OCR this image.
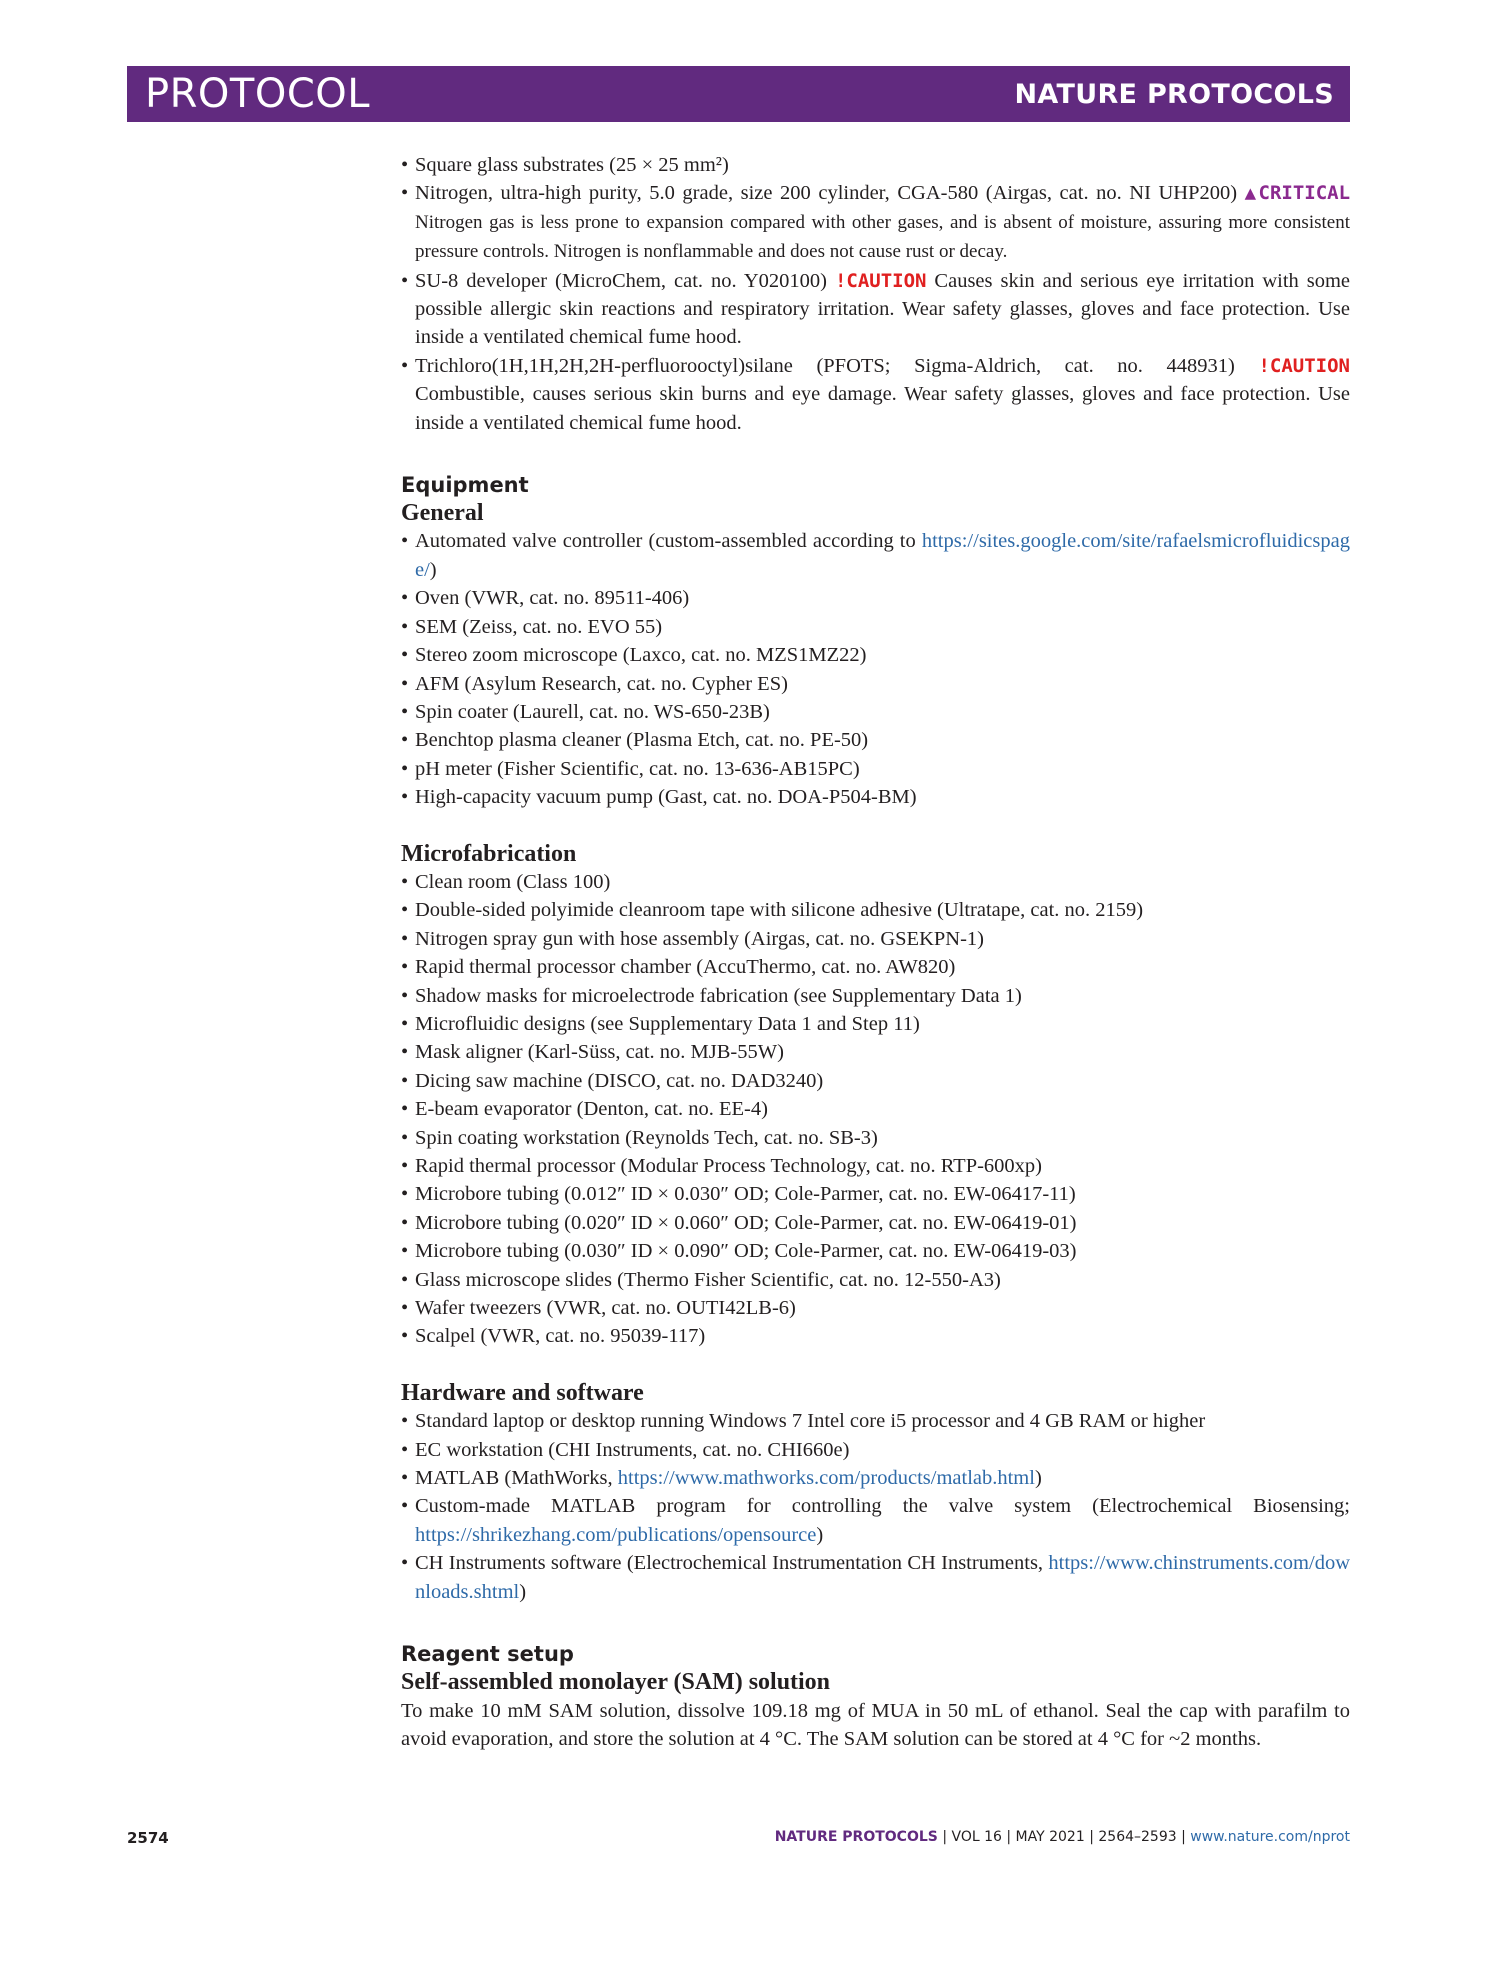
PROTOCOL	NATURE PROTOCOLS
• Square glass substrates (25 × 25 mm²)
• Nitrogen, ultra-high purity, 5.0 grade, size 200 cylinder, CGA-580 (Airgas, cat. no. NI UHP200) ▲CRITICAL Nitrogen gas is less prone to expansion compared with other gases, and is absent of moisture, assuring more consistent pressure controls. Nitrogen is nonflammable and does not cause rust or decay.
• SU-8 developer (MicroChem, cat. no. Y020100) !CAUTION Causes skin and serious eye irritation with some possible allergic skin reactions and respiratory irritation. Wear safety glasses, gloves and face protection. Use inside a ventilated chemical fume hood.
• Trichloro(1H,1H,2H,2H-perfluorooctyl)silane (PFOTS; Sigma-Aldrich, cat. no. 448931) !CAUTION Combustible, causes serious skin burns and eye damage. Wear safety glasses, gloves and face protection. Use inside a ventilated chemical fume hood.
Equipment
General
• Automated valve controller (custom-assembled according to https://sites.google.com/site/rafaelsmicrofluidicspage/)
• Oven (VWR, cat. no. 89511-406)
• SEM (Zeiss, cat. no. EVO 55)
• Stereo zoom microscope (Laxco, cat. no. MZS1MZ22)
• AFM (Asylum Research, cat. no. Cypher ES)
• Spin coater (Laurell, cat. no. WS-650-23B)
• Benchtop plasma cleaner (Plasma Etch, cat. no. PE-50)
• pH meter (Fisher Scientific, cat. no. 13-636-AB15PC)
• High-capacity vacuum pump (Gast, cat. no. DOA-P504-BM)
Microfabrication
• Clean room (Class 100)
• Double-sided polyimide cleanroom tape with silicone adhesive (Ultratape, cat. no. 2159)
• Nitrogen spray gun with hose assembly (Airgas, cat. no. GSEKPN-1)
• Rapid thermal processor chamber (AccuThermo, cat. no. AW820)
• Shadow masks for microelectrode fabrication (see Supplementary Data 1)
• Microfluidic designs (see Supplementary Data 1 and Step 11)
• Mask aligner (Karl-Süss, cat. no. MJB-55W)
• Dicing saw machine (DISCO, cat. no. DAD3240)
• E-beam evaporator (Denton, cat. no. EE-4)
• Spin coating workstation (Reynolds Tech, cat. no. SB-3)
• Rapid thermal processor (Modular Process Technology, cat. no. RTP-600xp)
• Microbore tubing (0.012″ ID × 0.030″ OD; Cole-Parmer, cat. no. EW-06417-11)
• Microbore tubing (0.020″ ID × 0.060″ OD; Cole-Parmer, cat. no. EW-06419-01)
• Microbore tubing (0.030″ ID × 0.090″ OD; Cole-Parmer, cat. no. EW-06419-03)
• Glass microscope slides (Thermo Fisher Scientific, cat. no. 12-550-A3)
• Wafer tweezers (VWR, cat. no. OUTI42LB-6)
• Scalpel (VWR, cat. no. 95039-117)
Hardware and software
• Standard laptop or desktop running Windows 7 Intel core i5 processor and 4 GB RAM or higher
• EC workstation (CHI Instruments, cat. no. CHI660e)
• MATLAB (MathWorks, https://www.mathworks.com/products/matlab.html)
• Custom-made MATLAB program for controlling the valve system (Electrochemical Biosensing; https://shrikezhang.com/publications/opensource)
• CH Instruments software (Electrochemical Instrumentation CH Instruments, https://www.chinstruments.com/downloads.shtml)
Reagent setup
Self-assembled monolayer (SAM) solution

To make 10 mM SAM solution, dissolve 109.18 mg of MUA in 50 mL of ethanol. Seal the cap with parafilm to avoid evaporation, and store the solution at 4 °C. The SAM solution can be stored at 4 °C for ~2 months.

2574	NATURE PROTOCOLS | VOL 16 | MAY 2021 | 2564–2593 | www.nature.com/nprot
